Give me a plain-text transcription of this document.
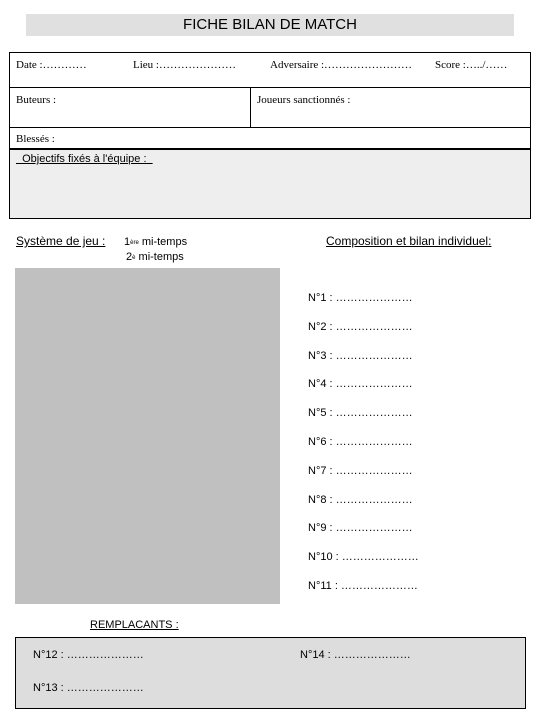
FICHE BILAN DE MATCH
Date :…………	Lieu :…………………	Adversaire :…………………… Score :…../……
Buteurs :	Joueurs sanctionnés :
Blessés :
Objectifs fixés à l'équipe :
Système de jeu : 1ère mi-temps
$2^è$ mi-temps
Composition et bilan individuel:
N°1 : …………………
N°2 : …………………
N°3 : …………………
N°4 : …………………
N°5 : …………………
N°6 : …………………
N°7 : …………………
N°8 : …………………
N°9 : …………………
N°10 : …………………
N°11 : …………………
REMPLACANTS :
N°12 : …………………
N°13 : …………………
N°14 : …………………
